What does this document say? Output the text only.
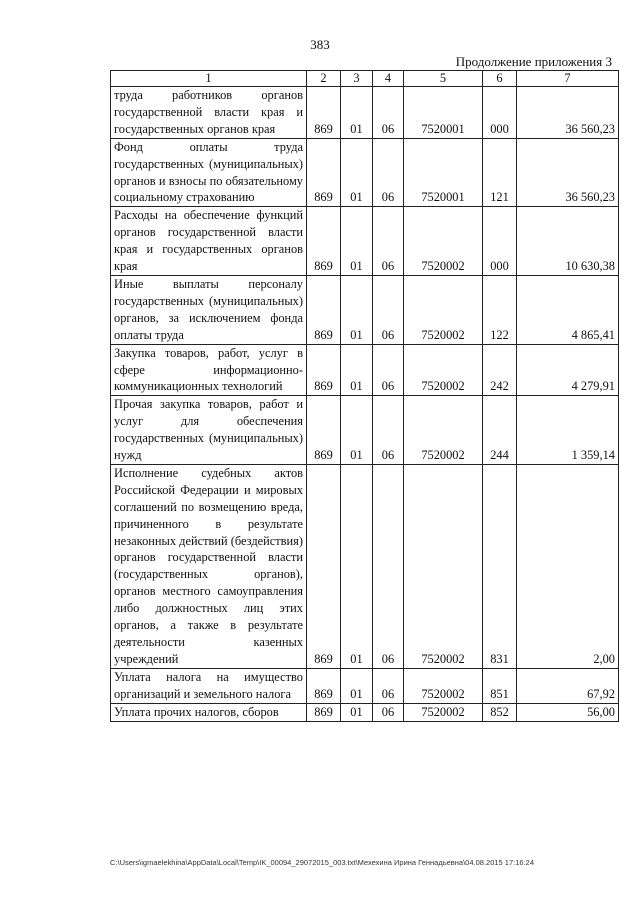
383
Продолжение приложения 3
1	2	3	4	5	6	7
труда работников органов государственной власти края и государственных органов края	869	01	06	7520001	000	36 560,23
Фонд оплаты труда государственных (муниципальных) органов и взносы по обязательному социальному страхованию	869	01	06	7520001	121	36 560,23
Расходы на обеспечение функций органов государственной власти края и государственных органов края	869	01	06	7520002	000	10 630,38
Иные выплаты персоналу государственных (муниципальных) органов, за исключением фонда оплаты труда	869	01	06	7520002	122	4 865,41
Закупка товаров, работ, услуг в сфере информационно-коммуникационных технологий	869	01	06	7520002	242	4 279,91
Прочая закупка товаров, работ и услуг для обеспечения государственных (муниципальных) нужд	869	01	06	7520002	244	1 359,14
Исполнение судебных актов Российской Федерации и мировых соглашений по возмещению вреда, причиненного в результате незаконных действий (бездействия) органов государственной власти (государственных органов), органов местного самоуправления либо должностных лиц этих органов, а также в результате деятельности казенных учреждений	869	01	06	7520002	831	2,00
Уплата налога на имущество организаций и земельного налога	869	01	06	7520002	851	67,92
Уплата прочих налогов, сборов	869	01	06	7520002	852	56,00
C:\Users\igmaelekhina\AppData\Local\Temp\IK_00094_29072015_003.txt\Мехехина Ирина Геннадьевна\04.08.2015 17:16:24
